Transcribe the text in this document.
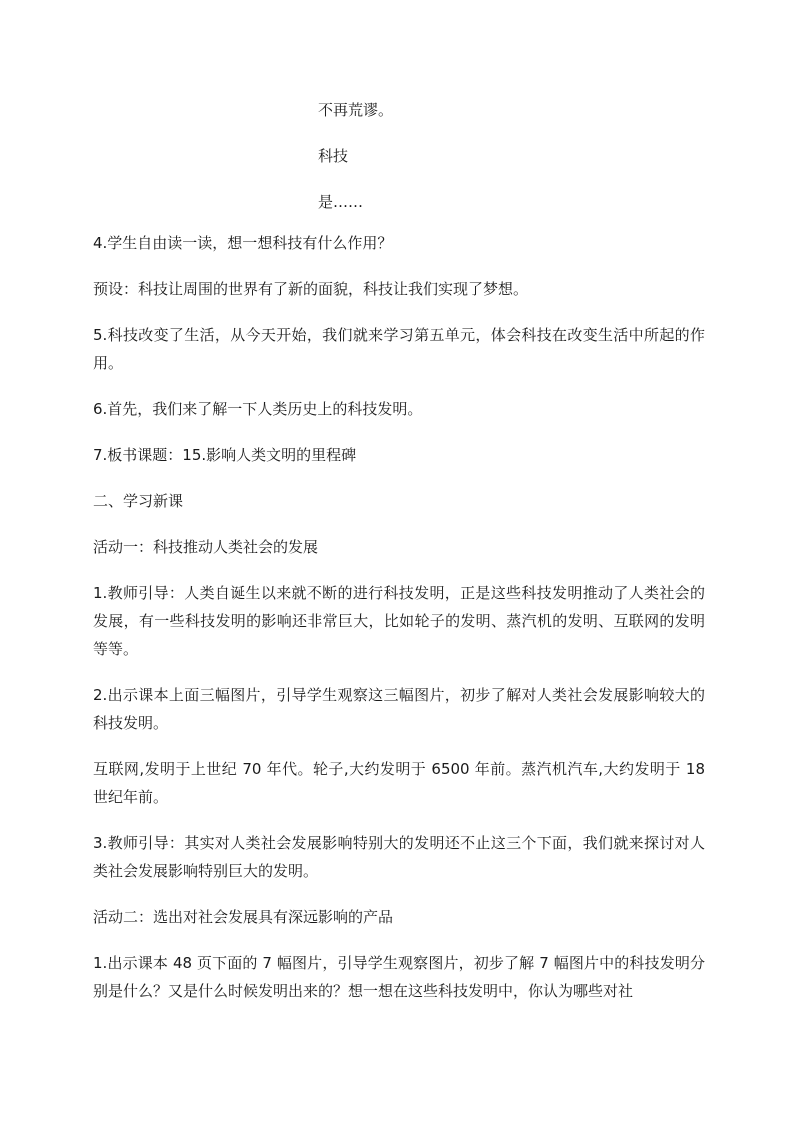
不再荒谬。
科技
是……

4.学生自由读一读，想一想科技有什么作用？

预设：科技让周围的世界有了新的面貌，科技让我们实现了梦想。

5.科技改变了生活，从今天开始，我们就来学习第五单元，体会科技在改变生活中所起的作用。

6.首先，我们来了解一下人类历史上的科技发明。

7.板书课题：15.影响人类文明的里程碑

二、学习新课

活动一：科技推动人类社会的发展

1.教师引导：人类自诞生以来就不断的进行科技发明，正是这些科技发明推动了人类社会的发展，有一些科技发明的影响还非常巨大，比如轮子的发明、蒸汽机的发明、互联网的发明等等。

2.出示课本上面三幅图片，引导学生观察这三幅图片，初步了解对人类社会发展影响较大的科技发明。

互联网,发明于上世纪 70 年代。轮子,大约发明于 6500 年前。蒸汽机汽车,大约发明于 18 世纪年前。

3.教师引导：其实对人类社会发展影响特别大的发明还不止这三个下面，我们就来探讨对人类社会发展影响特别巨大的发明。

活动二：选出对社会发展具有深远影响的产品

1.出示课本 48 页下面的 7 幅图片，引导学生观察图片，初步了解 7 幅图片中的科技发明分别是什么？又是什么时候发明出来的？想一想在这些科技发明中，你认为哪些对社
